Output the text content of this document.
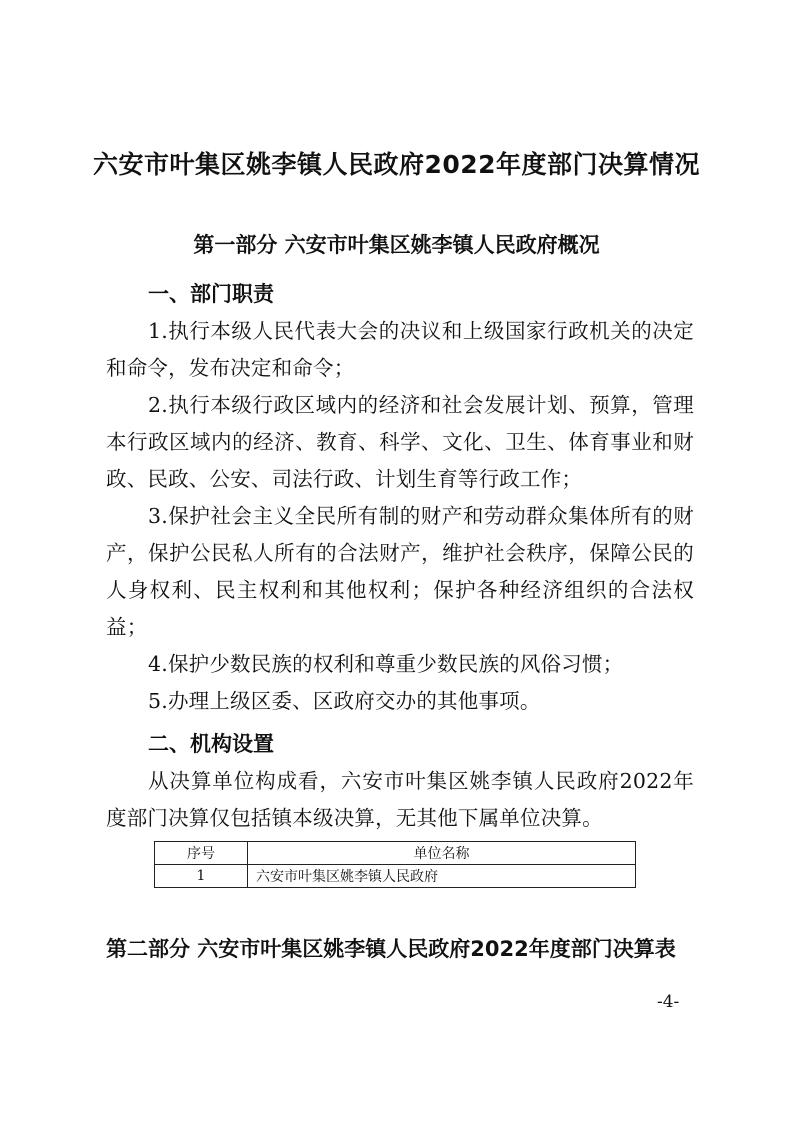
六安市叶集区姚李镇人民政府2022年度部门决算情况
第一部分 六安市叶集区姚李镇人民政府概况
一、部门职责
1.执行本级人民代表大会的决议和上级国家行政机关的决定和命令，发布决定和命令；
2.执行本级行政区域内的经济和社会发展计划、预算，管理本行政区域内的经济、教育、科学、文化、卫生、体育事业和财政、民政、公安、司法行政、计划生育等行政工作；
3.保护社会主义全民所有制的财产和劳动群众集体所有的财产，保护公民私人所有的合法财产，维护社会秩序，保障公民的人身权利、民主权利和其他权利；保护各种经济组织的合法权益；
4.保护少数民族的权利和尊重少数民族的风俗习惯；
5.办理上级区委、区政府交办的其他事项。
二、机构设置
从决算单位构成看，六安市叶集区姚李镇人民政府2022年度部门决算仅包括镇本级决算，无其他下属单位决算。
序号	单位名称
1	六安市叶集区姚李镇人民政府
第二部分 六安市叶集区姚李镇人民政府2022年度部门决算表
-4-
